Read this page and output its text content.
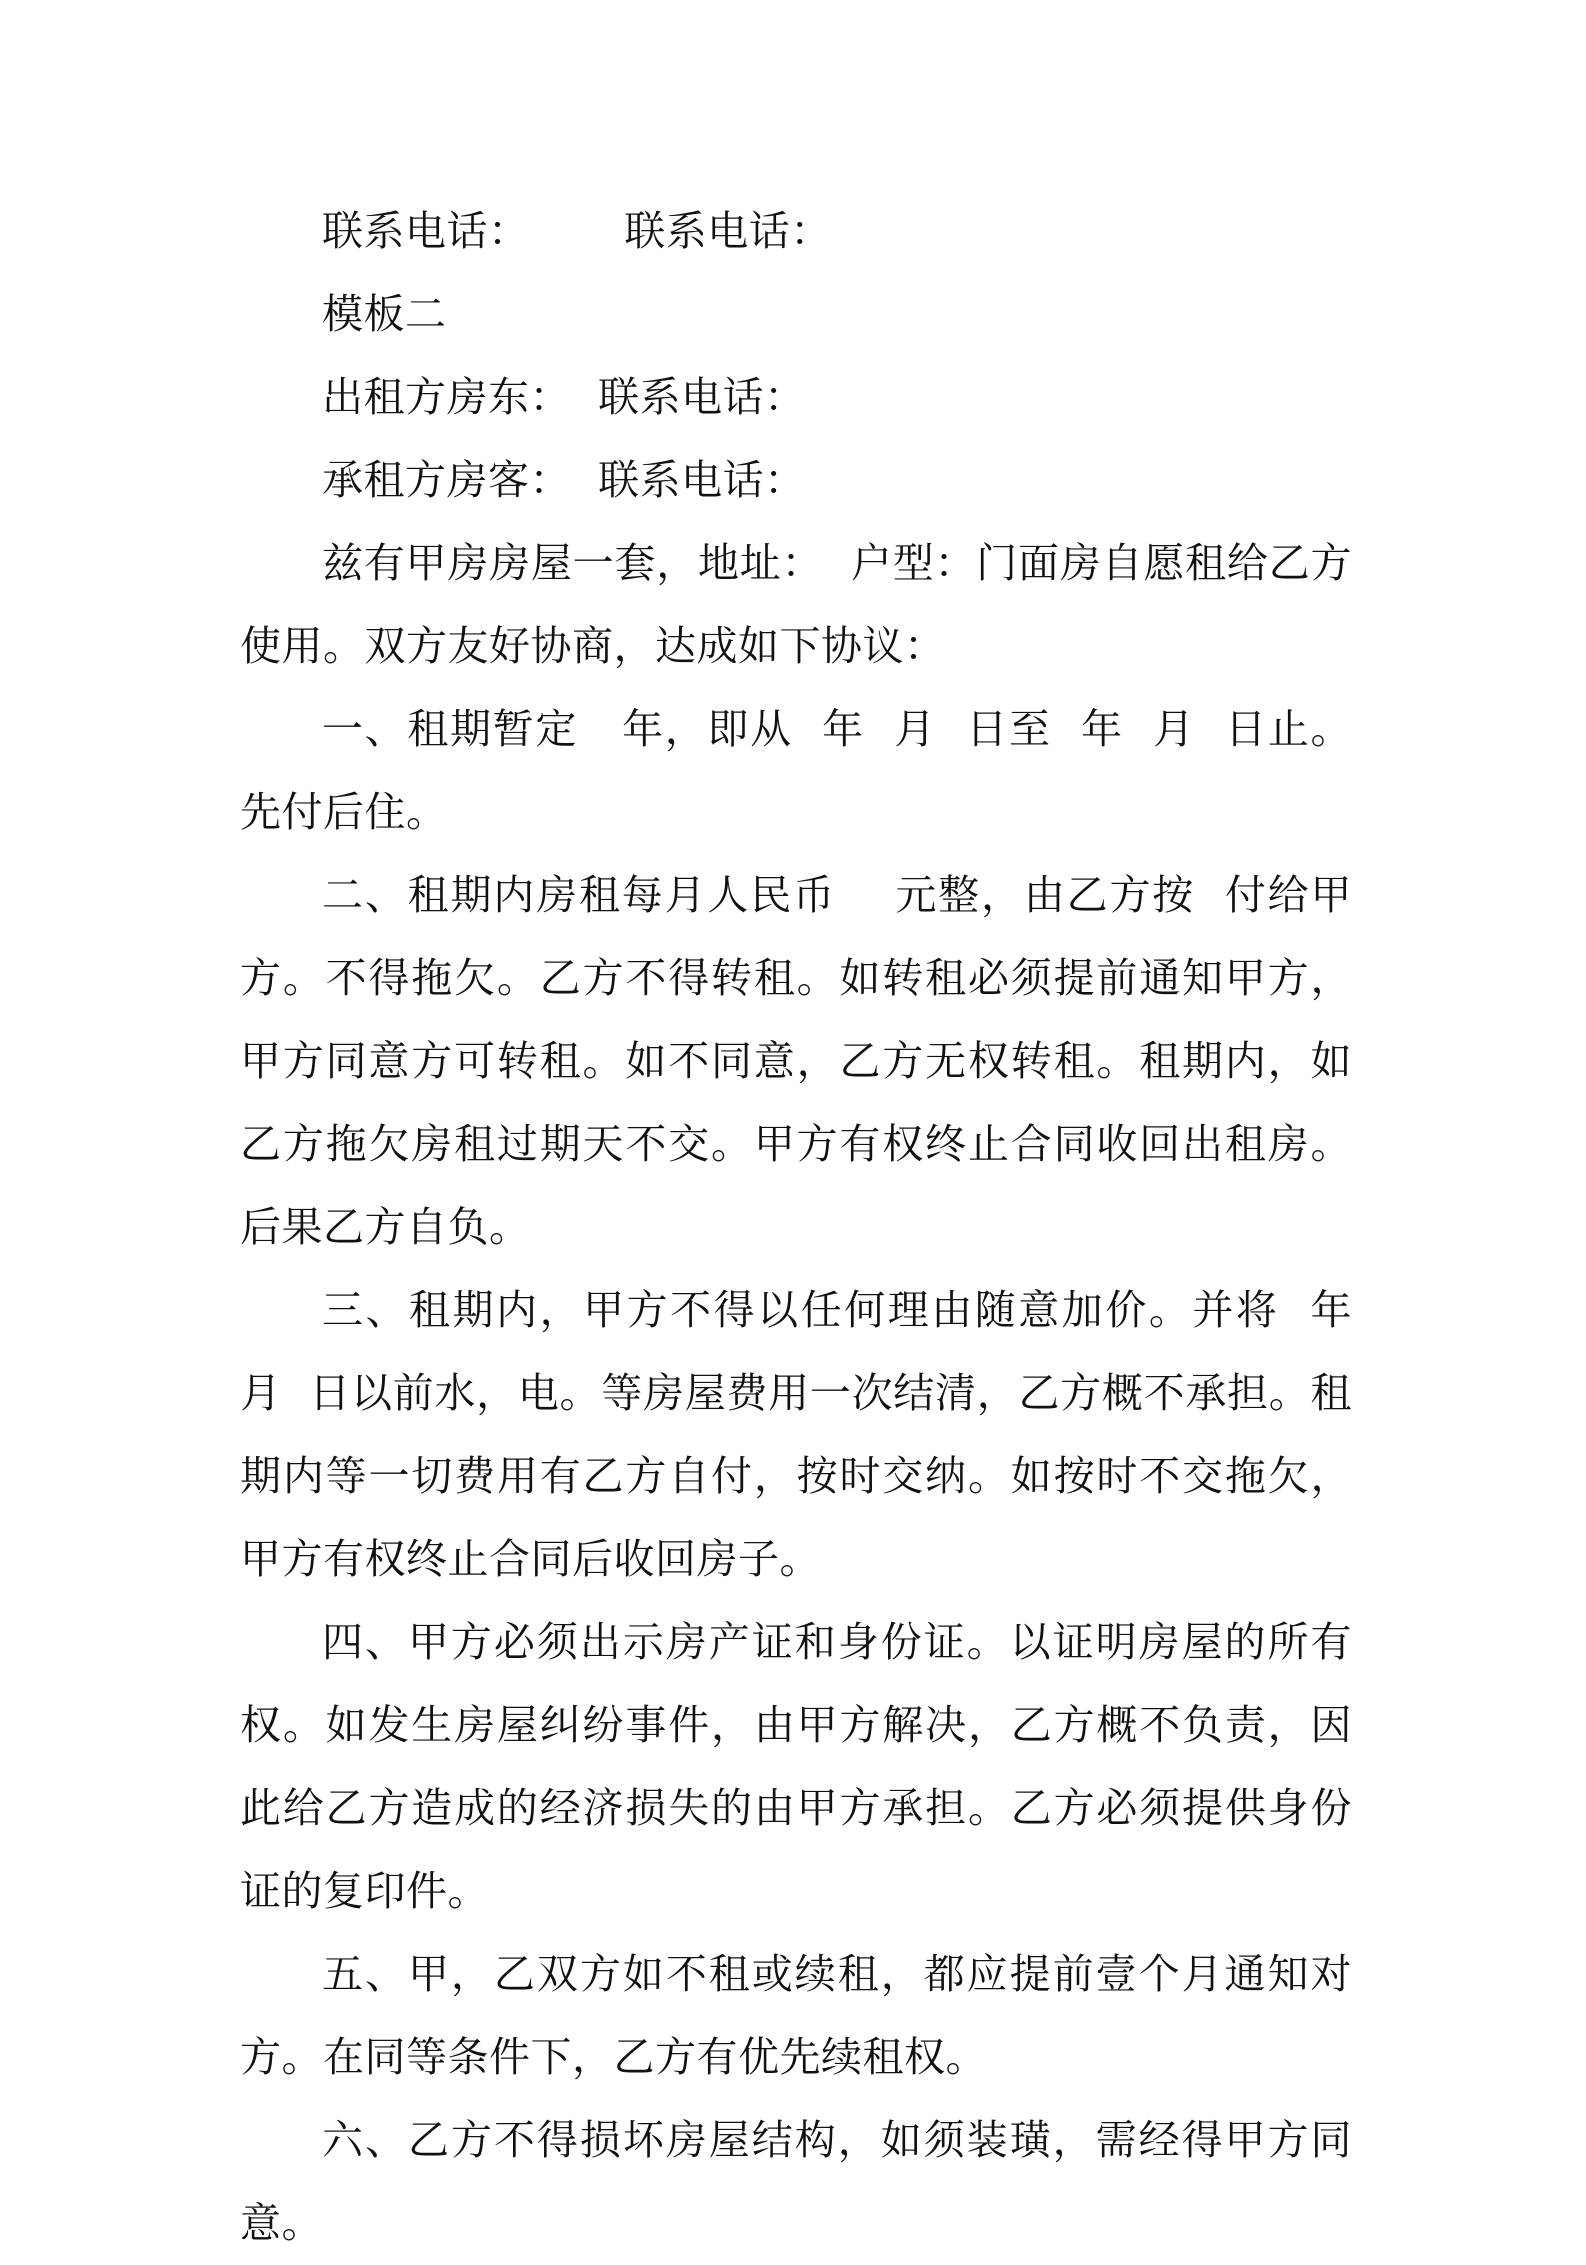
联系电话：       联系电话：

模板二

出租方房东：  联系电话：

承租方房客：  联系电话：

兹有甲房房屋一套，地址：  户型：门面房自愿租给乙方使用。双方友好协商，达成如下协议：

一、租期暂定   年，即从  年  月  日至  年  月  日止。先付后住。

二、租期内房租每月人民币    元整，由乙方按  付给甲方。不得拖欠。乙方不得转租。如转租必须提前通知甲方，甲方同意方可转租。如不同意，乙方无权转租。租期内，如乙方拖欠房租过期天不交。甲方有权终止合同收回出租房。后果乙方自负。

三、租期内，甲方不得以任何理由随意加价。并将  年  月  日以前水，电。等房屋费用一次结清，乙方概不承担。租期内等一切费用有乙方自付，按时交纳。如按时不交拖欠，甲方有权终止合同后收回房子。

四、甲方必须出示房产证和身份证。以证明房屋的所有权。如发生房屋纠纷事件，由甲方解决，乙方概不负责，因此给乙方造成的经济损失的由甲方承担。乙方必须提供身份证的复印件。

五、甲，乙双方如不租或续租，都应提前壹个月通知对方。在同等条件下，乙方有优先续租权。

六、乙方不得损坏房屋结构，如须装璜，需经得甲方同意。
